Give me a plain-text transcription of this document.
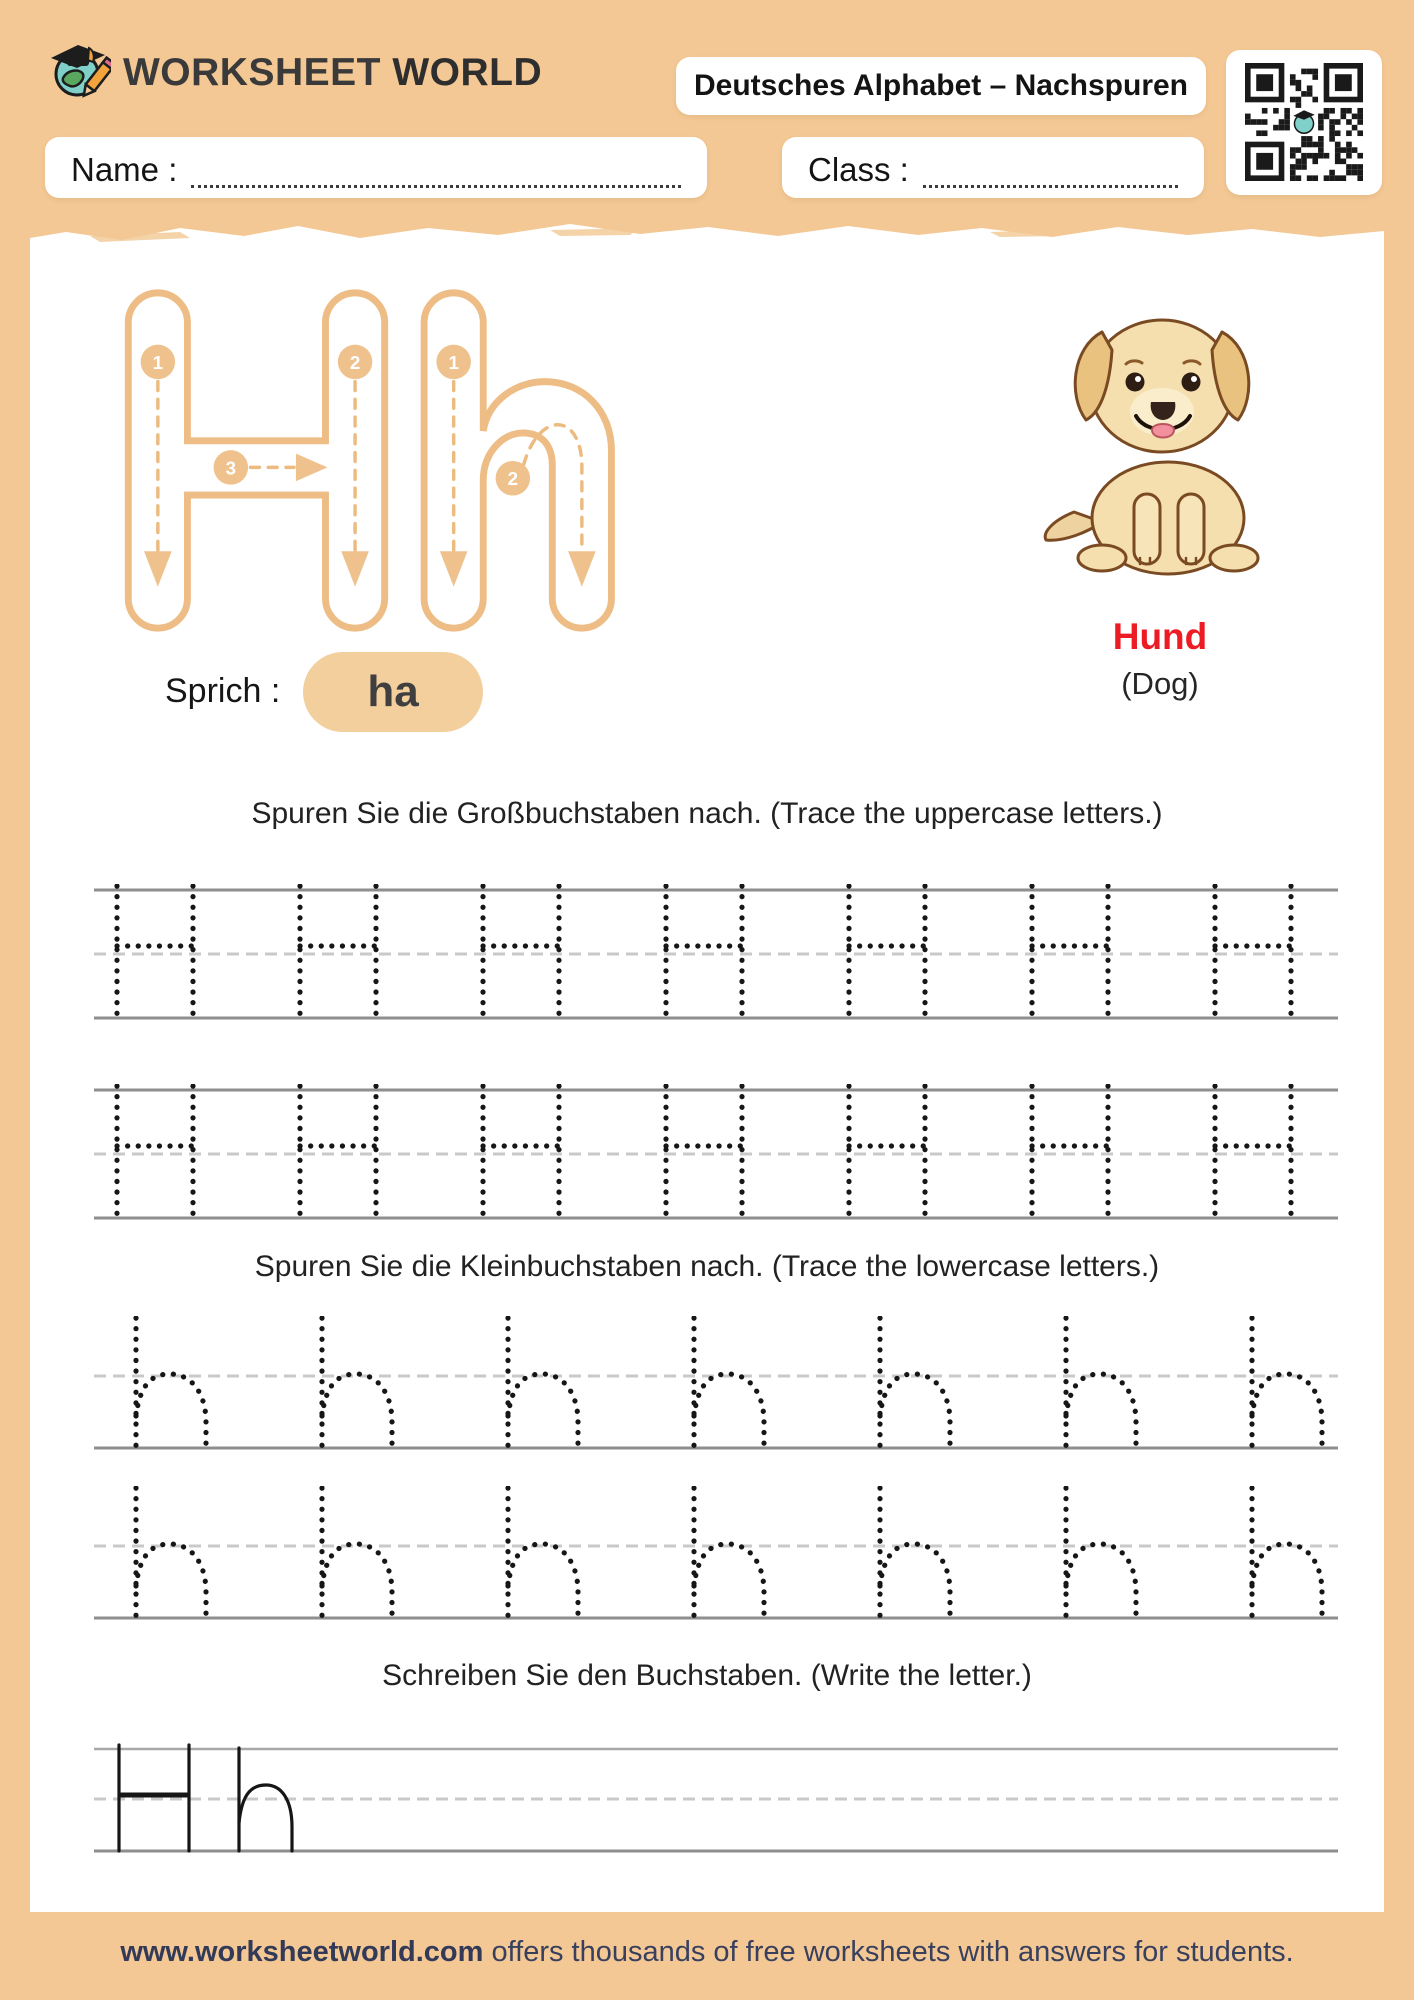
WORKSHEET WORLD	Deutsches Alphabet – Nachspuren
Name :	Class :
1	2
3
1
2
Hund
(Dog)
Sprich : ha
Spuren Sie die Großbuchstaben nach. (Trace the uppercase letters.)
Spuren Sie die Kleinbuchstaben nach. (Trace the lowercase letters.)
Schreiben Sie den Buchstaben. (Write the letter.)
www.worksheetworld.com offers thousands of free worksheets with answers for students.
